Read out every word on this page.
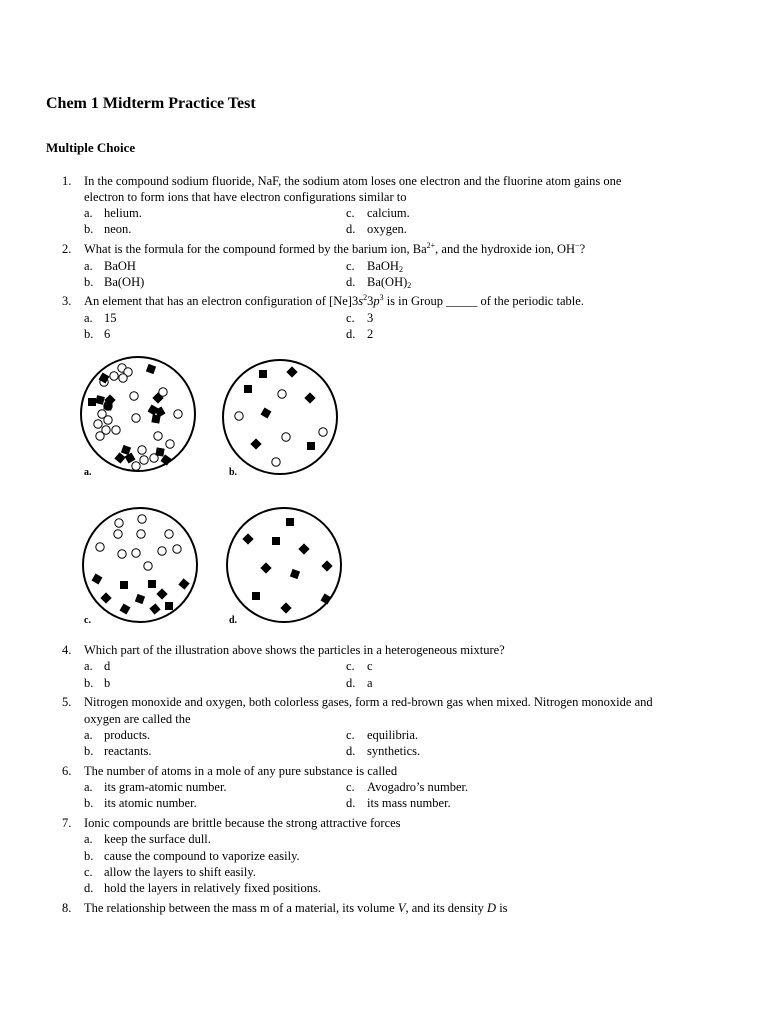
Chem 1 Midterm Practice Test
Multiple Choice
1. In the compound sodium fluoride, NaF, the sodium atom loses one electron and the fluorine atom gains one
electron to form ions that have electron configurations similar to
a. helium.
b. neon.
c. calcium.
d. oxygen.
2. What is the formula for the compound formed by the barium ion, $Ba^{2+}$, and the hydroxide ion, OH−?
a. BaOH
b. Ba(OH)
c. BaOH$_2$
d. $Ba(OH)_2$
3. An element that has an electron configuration of $[Ne]3s^23p^3$ is in Group _____ of the periodic table.
a. 15
b. 6
c. 3
d. 2
a.	b.
c.	d.
4. Which part of the illustration above shows the particles in a heterogeneous mixture?
a. d
b. b
c. c
d. a
5. Nitrogen monoxide and oxygen, both colorless gases, form a red-brown gas when mixed. Nitrogen monoxide and
oxygen are called the
a. products.
b. reactants.
c. equilibria.
d. synthetics.
6. The number of atoms in a mole of any pure substance is called
a. its gram-atomic number.
b. its atomic number.
c. Avogadro’s number.
d. its mass number.
7. Ionic compounds are brittle because the strong attractive forces
a. keep the surface dull.
b. cause the compound to vaporize easily.
c. allow the layers to shift easily.
d. hold the layers in relatively fixed positions.
8. The relationship between the mass m of a material, its volume V, and its density D is
